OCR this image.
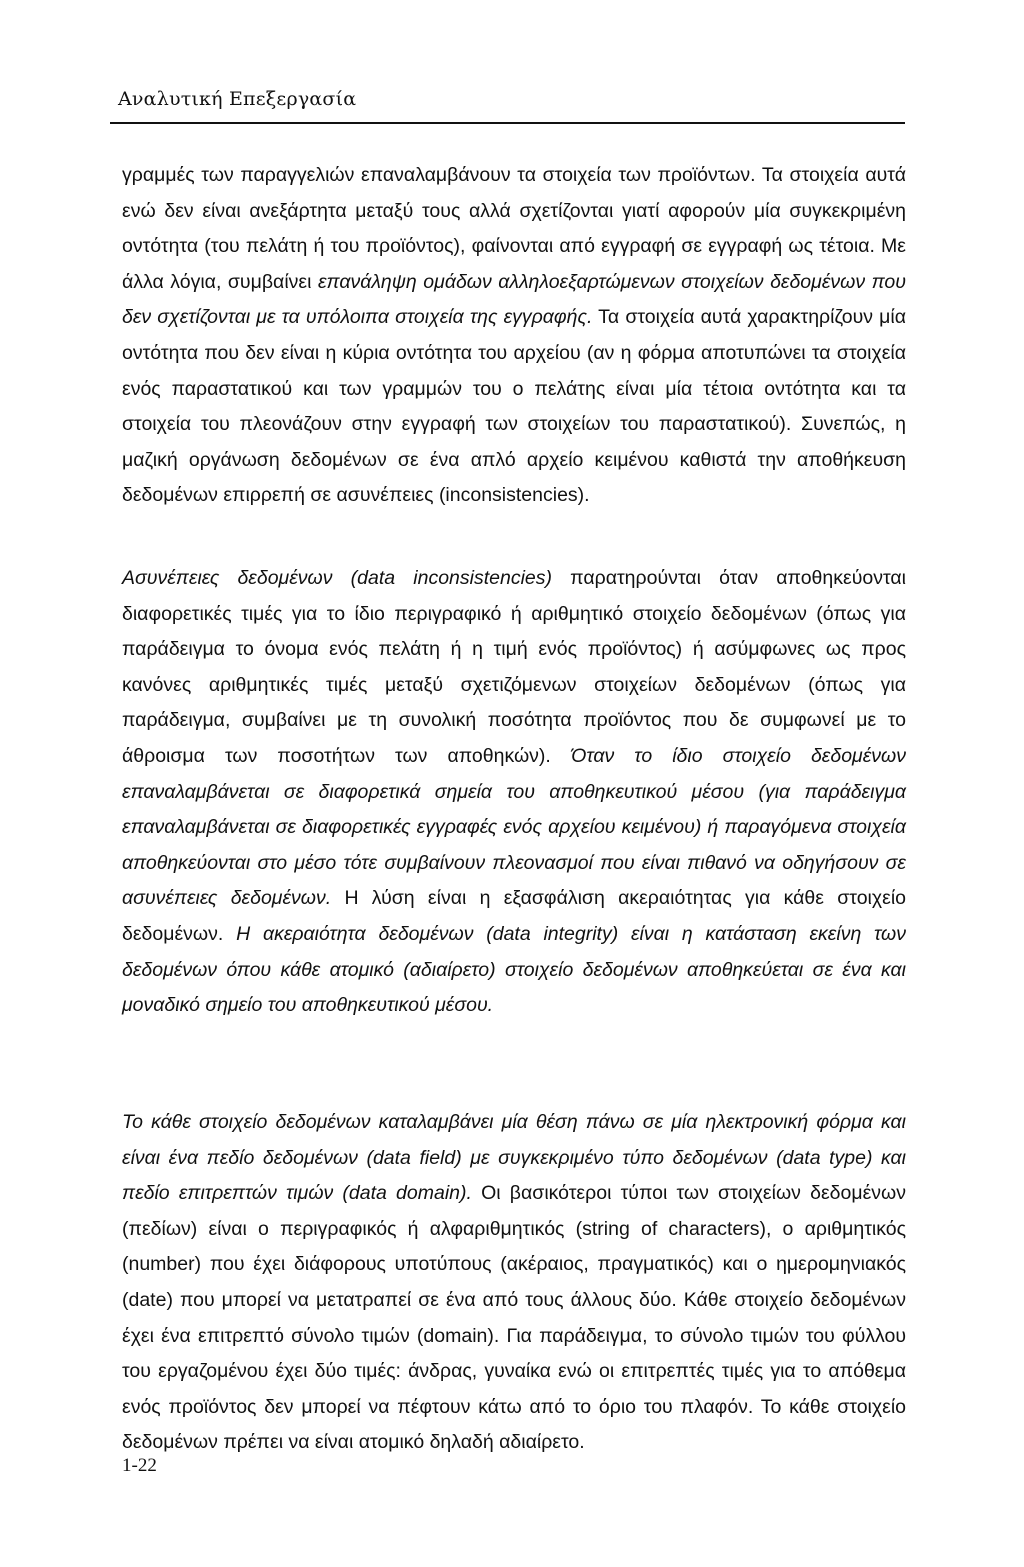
Αναλυτική Επεξεργασία

γραμμές των παραγγελιών επαναλαμβάνουν τα στοιχεία των προϊόντων. Τα στοιχεία αυτά ενώ δεν είναι ανεξάρτητα μεταξύ τους αλλά σχετίζονται γιατί αφορούν μία συγκεκριμένη οντότητα (του πελάτη ή του προϊόντος), φαίνονται από εγγραφή σε εγγραφή ως τέτοια. Με άλλα λόγια, συμβαίνει επανάληψη ομάδων αλληλοεξαρτώμενων στοιχείων δεδομένων που δεν σχετίζονται με τα υπόλοιπα στοιχεία της εγγραφής. Τα στοιχεία αυτά χαρακτηρίζουν μία οντότητα που δεν είναι η κύρια οντότητα του αρχείου (αν η φόρμα αποτυπώνει τα στοιχεία ενός παραστατικού και των γραμμών του ο πελάτης είναι μία τέτοια οντότητα και τα στοιχεία του πλεονάζουν στην εγγραφή των στοιχείων του παραστατικού). Συνεπώς, η μαζική οργάνωση δεδομένων σε ένα απλό αρχείο κειμένου καθιστά την αποθήκευση δεδομένων επιρρεπή σε ασυνέπειες (inconsistencies).

Ασυνέπειες δεδομένων (data inconsistencies) παρατηρούνται όταν αποθηκεύονται διαφορετικές τιμές για το ίδιο περιγραφικό ή αριθμητικό στοιχείο δεδομένων (όπως για παράδειγμα το όνομα ενός πελάτη ή η τιμή ενός προϊόντος) ή ασύμφωνες ως προς κανόνες αριθμητικές τιμές μεταξύ σχετιζόμενων στοιχείων δεδομένων (όπως για παράδειγμα, συμβαίνει με τη συνολική ποσότητα προϊόντος που δε συμφωνεί με το άθροισμα των ποσοτήτων των αποθηκών). Όταν το ίδιο στοιχείο δεδομένων επαναλαμβάνεται σε διαφορετικά σημεία του αποθηκευτικού μέσου (για παράδειγμα επαναλαμβάνεται σε διαφορετικές εγγραφές ενός αρχείου κειμένου) ή παραγόμενα στοιχεία αποθηκεύονται στο μέσο τότε συμβαίνουν πλεονασμοί που είναι πιθανό να οδηγήσουν σε ασυνέπειες δεδομένων. Η λύση είναι η εξασφάλιση ακεραιότητας για κάθε στοιχείο δεδομένων. Η ακεραιότητα δεδομένων (data integrity) είναι η κατάσταση εκείνη των δεδομένων όπου κάθε ατομικό (αδιαίρετο) στοιχείο δεδομένων αποθηκεύεται σε ένα και μοναδικό σημείο του αποθηκευτικού μέσου.

Το κάθε στοιχείο δεδομένων καταλαμβάνει μία θέση πάνω σε μία ηλεκτρονική φόρμα και είναι ένα πεδίο δεδομένων (data field) με συγκεκριμένο τύπο δεδομένων (data type) και πεδίο επιτρεπτών τιμών (data domain). Οι βασικότεροι τύποι των στοιχείων δεδομένων (πεδίων) είναι ο περιγραφικός ή αλφαριθμητικός (string of characters), ο αριθμητικός (number) που έχει διάφορους υποτύπους (ακέραιος, πραγματικός) και ο ημερομηνιακός (date) που μπορεί να μετατραπεί σε ένα από τους άλλους δύο. Κάθε στοιχείο δεδομένων έχει ένα επιτρεπτό σύνολο τιμών (domain). Για παράδειγμα, το σύνολο τιμών του φύλλου του εργαζομένου έχει δύο τιμές: άνδρας, γυναίκα ενώ οι επιτρεπτές τιμές για το απόθεμα ενός προϊόντος δεν μπορεί να πέφτουν κάτω από το όριο του πλαφόν. Το κάθε στοιχείο δεδομένων πρέπει να είναι ατομικό δηλαδή αδιαίρετο.

1-22
